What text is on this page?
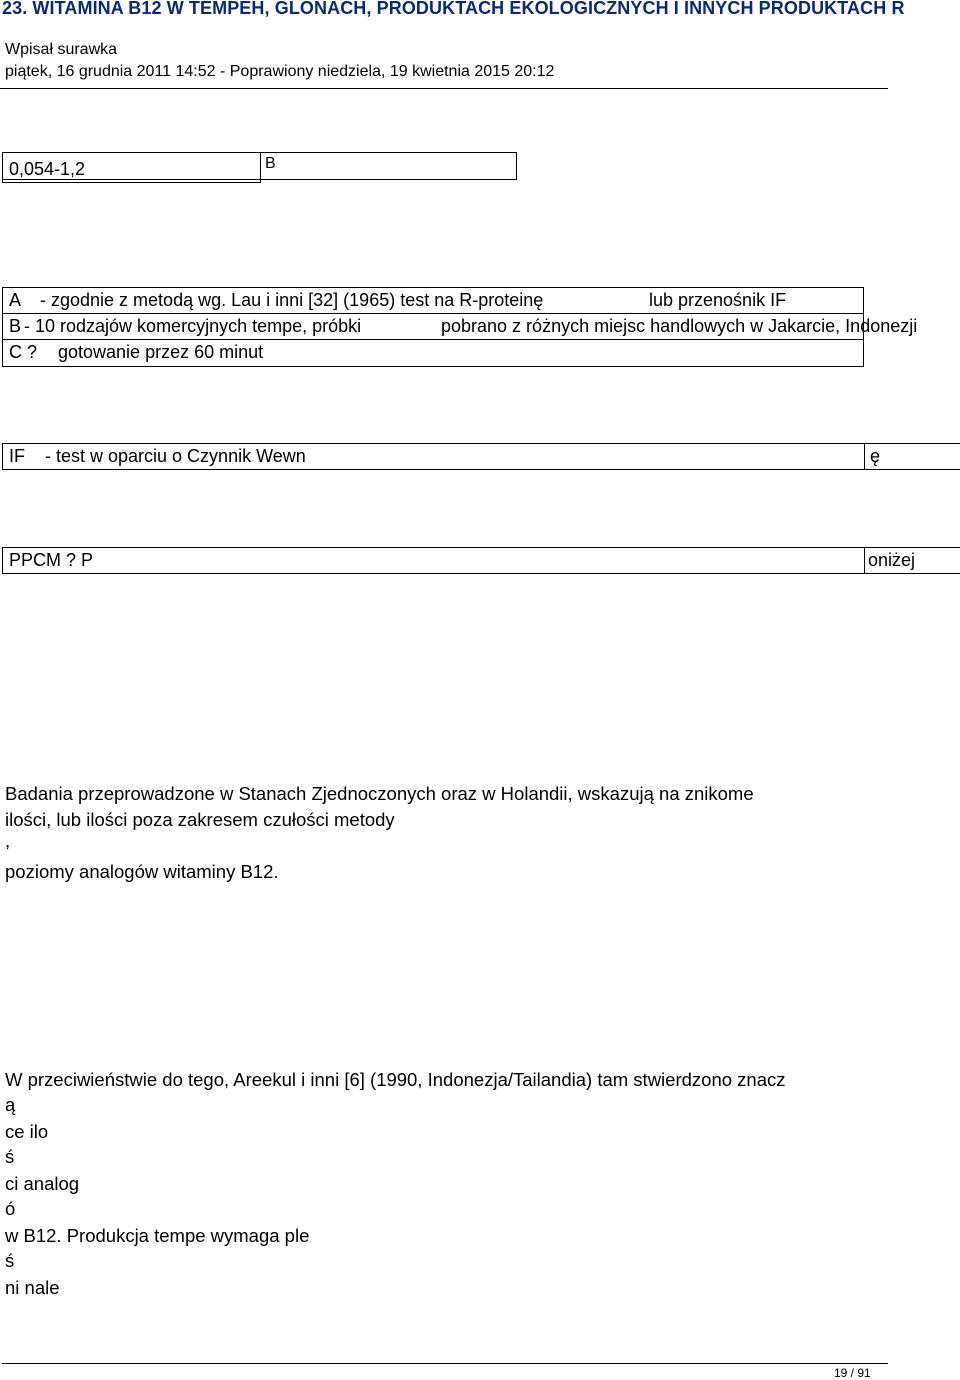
23. WITAMINA B12 W TEMPEH, GLONACH, PRODUKTACH EKOLOGICZNYCH I INNYCH PRODUKTACH R
Wpisał surawka
piątek, 16 grudnia 2011 14:52 - Poprawiony niedziela, 19 kwietnia 2015 20:12
0,054-1,2	B
A - zgodnie z metodą wg. Lau i inni [32] (1965) test na R-proteinę	lub przenośnik IF
B - 10 rodzajów komercyjnych tempe, próbki	pobrano z różnych miejsc handlowych w Jakarcie, Indonezji
C ? gotowanie przez 60 minut
IF - test w oparciu o Czynnik Wewn	ę
PPCM ? P	oniżej
Badania przeprowadzone w Stanach Zjednoczonych oraz w Holandii, wskazują na znikome
ilości, lub ilości poza zakresem czułości metody
,
poziomy analogów witaminy B12.
W przeciwieństwie do tego, Areekul i inni [6] (1990, Indonezja/Tailandia) tam stwierdzono znacz
ą
ce ilo
ś
ci analog
ó
w B12. Produkcja tempe wymaga ple
ś
ni nale
19 / 91
